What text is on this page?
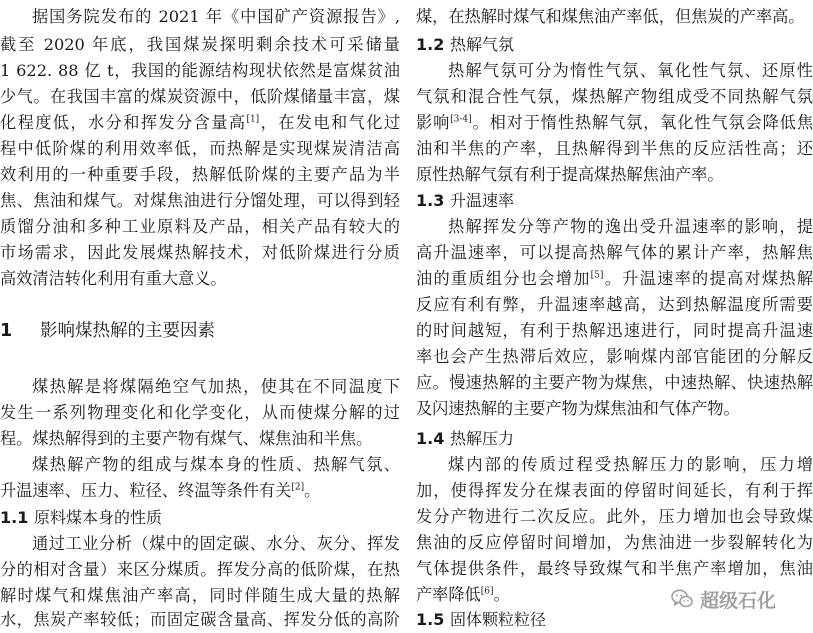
据国务院发布的 2021 年《中国矿产资源报告》,
截至 2020 年底，我国煤炭探明剩余技术可采储量
1 622. 88 亿 t，我国的能源结构现状依然是富煤贫油
少气。在我国丰富的煤炭资源中，低阶煤储量丰富，煤
化程度低，水分和挥发分含量高[1]，在发电和气化过
程中低阶煤的利用效率低，而热解是实现煤炭清洁高
效利用的一种重要手段，热解低阶煤的主要产品为半
焦、焦油和煤气。对煤焦油进行分馏处理，可以得到轻
质馏分油和多种工业原料及产品，相关产品有较大的
市场需求，因此发展煤热解技术，对低阶煤进行分质
高效清洁转化利用有重大意义。
1 影响煤热解的主要因素
煤热解是将煤隔绝空气加热，使其在不同温度下
发生一系列物理变化和化学变化，从而使煤分解的过
程。煤热解得到的主要产物有煤气、煤焦油和半焦。
煤热解产物的组成与煤本身的性质、热解气氛、
升温速率、压力、粒径、终温等条件有关[2]。
1.1 原料煤本身的性质
通过工业分析（煤中的固定碳、水分、灰分、挥发
分的相对含量）来区分煤质。挥发分高的低阶煤，在热
解时煤气和煤焦油产率高，同时伴随生成大量的热解
水，焦炭产率较低；而固定碳含量高、挥发分低的高阶
煤，在热解时煤气和煤焦油产率低，但焦炭的产率高。
1.2 热解气氛
热解气氛可分为惰性气氛、氧化性气氛、还原性
气氛和混合性气氛，煤热解产物组成受不同热解气氛
影响[3-4]。相对于惰性热解气氛，氧化性气氛会降低焦
油和半焦的产率，且热解得到半焦的反应活性高；还
原性热解气氛有利于提高煤热解焦油产率。
1.3 升温速率
热解挥发分等产物的逸出受升温速率的影响，提
高升温速率，可以提高热解气体的累计产率，热解焦
油的重质组分也会增加[5]。升温速率的提高对煤热解
反应有利有弊，升温速率越高，达到热解温度所需要
的时间越短，有利于热解迅速进行，同时提高升温速
率也会产生热滞后效应，影响煤内部官能团的分解反
应。慢速热解的主要产物为煤焦，中速热解、快速热解
及闪速热解的主要产物为煤焦油和气体产物。
1.4 热解压力
煤内部的传质过程受热解压力的影响，压力增
加，使得挥发分在煤表面的停留时间延长，有利于挥
发分产物进行二次反应。此外，压力增加也会导致煤
焦油的反应停留时间增加，为焦油进一步裂解转化为
气体提供条件，最终导致煤气和半焦产率增加，焦油
产率降低[6]。
1.5 固体颗粒粒径
超级石化
